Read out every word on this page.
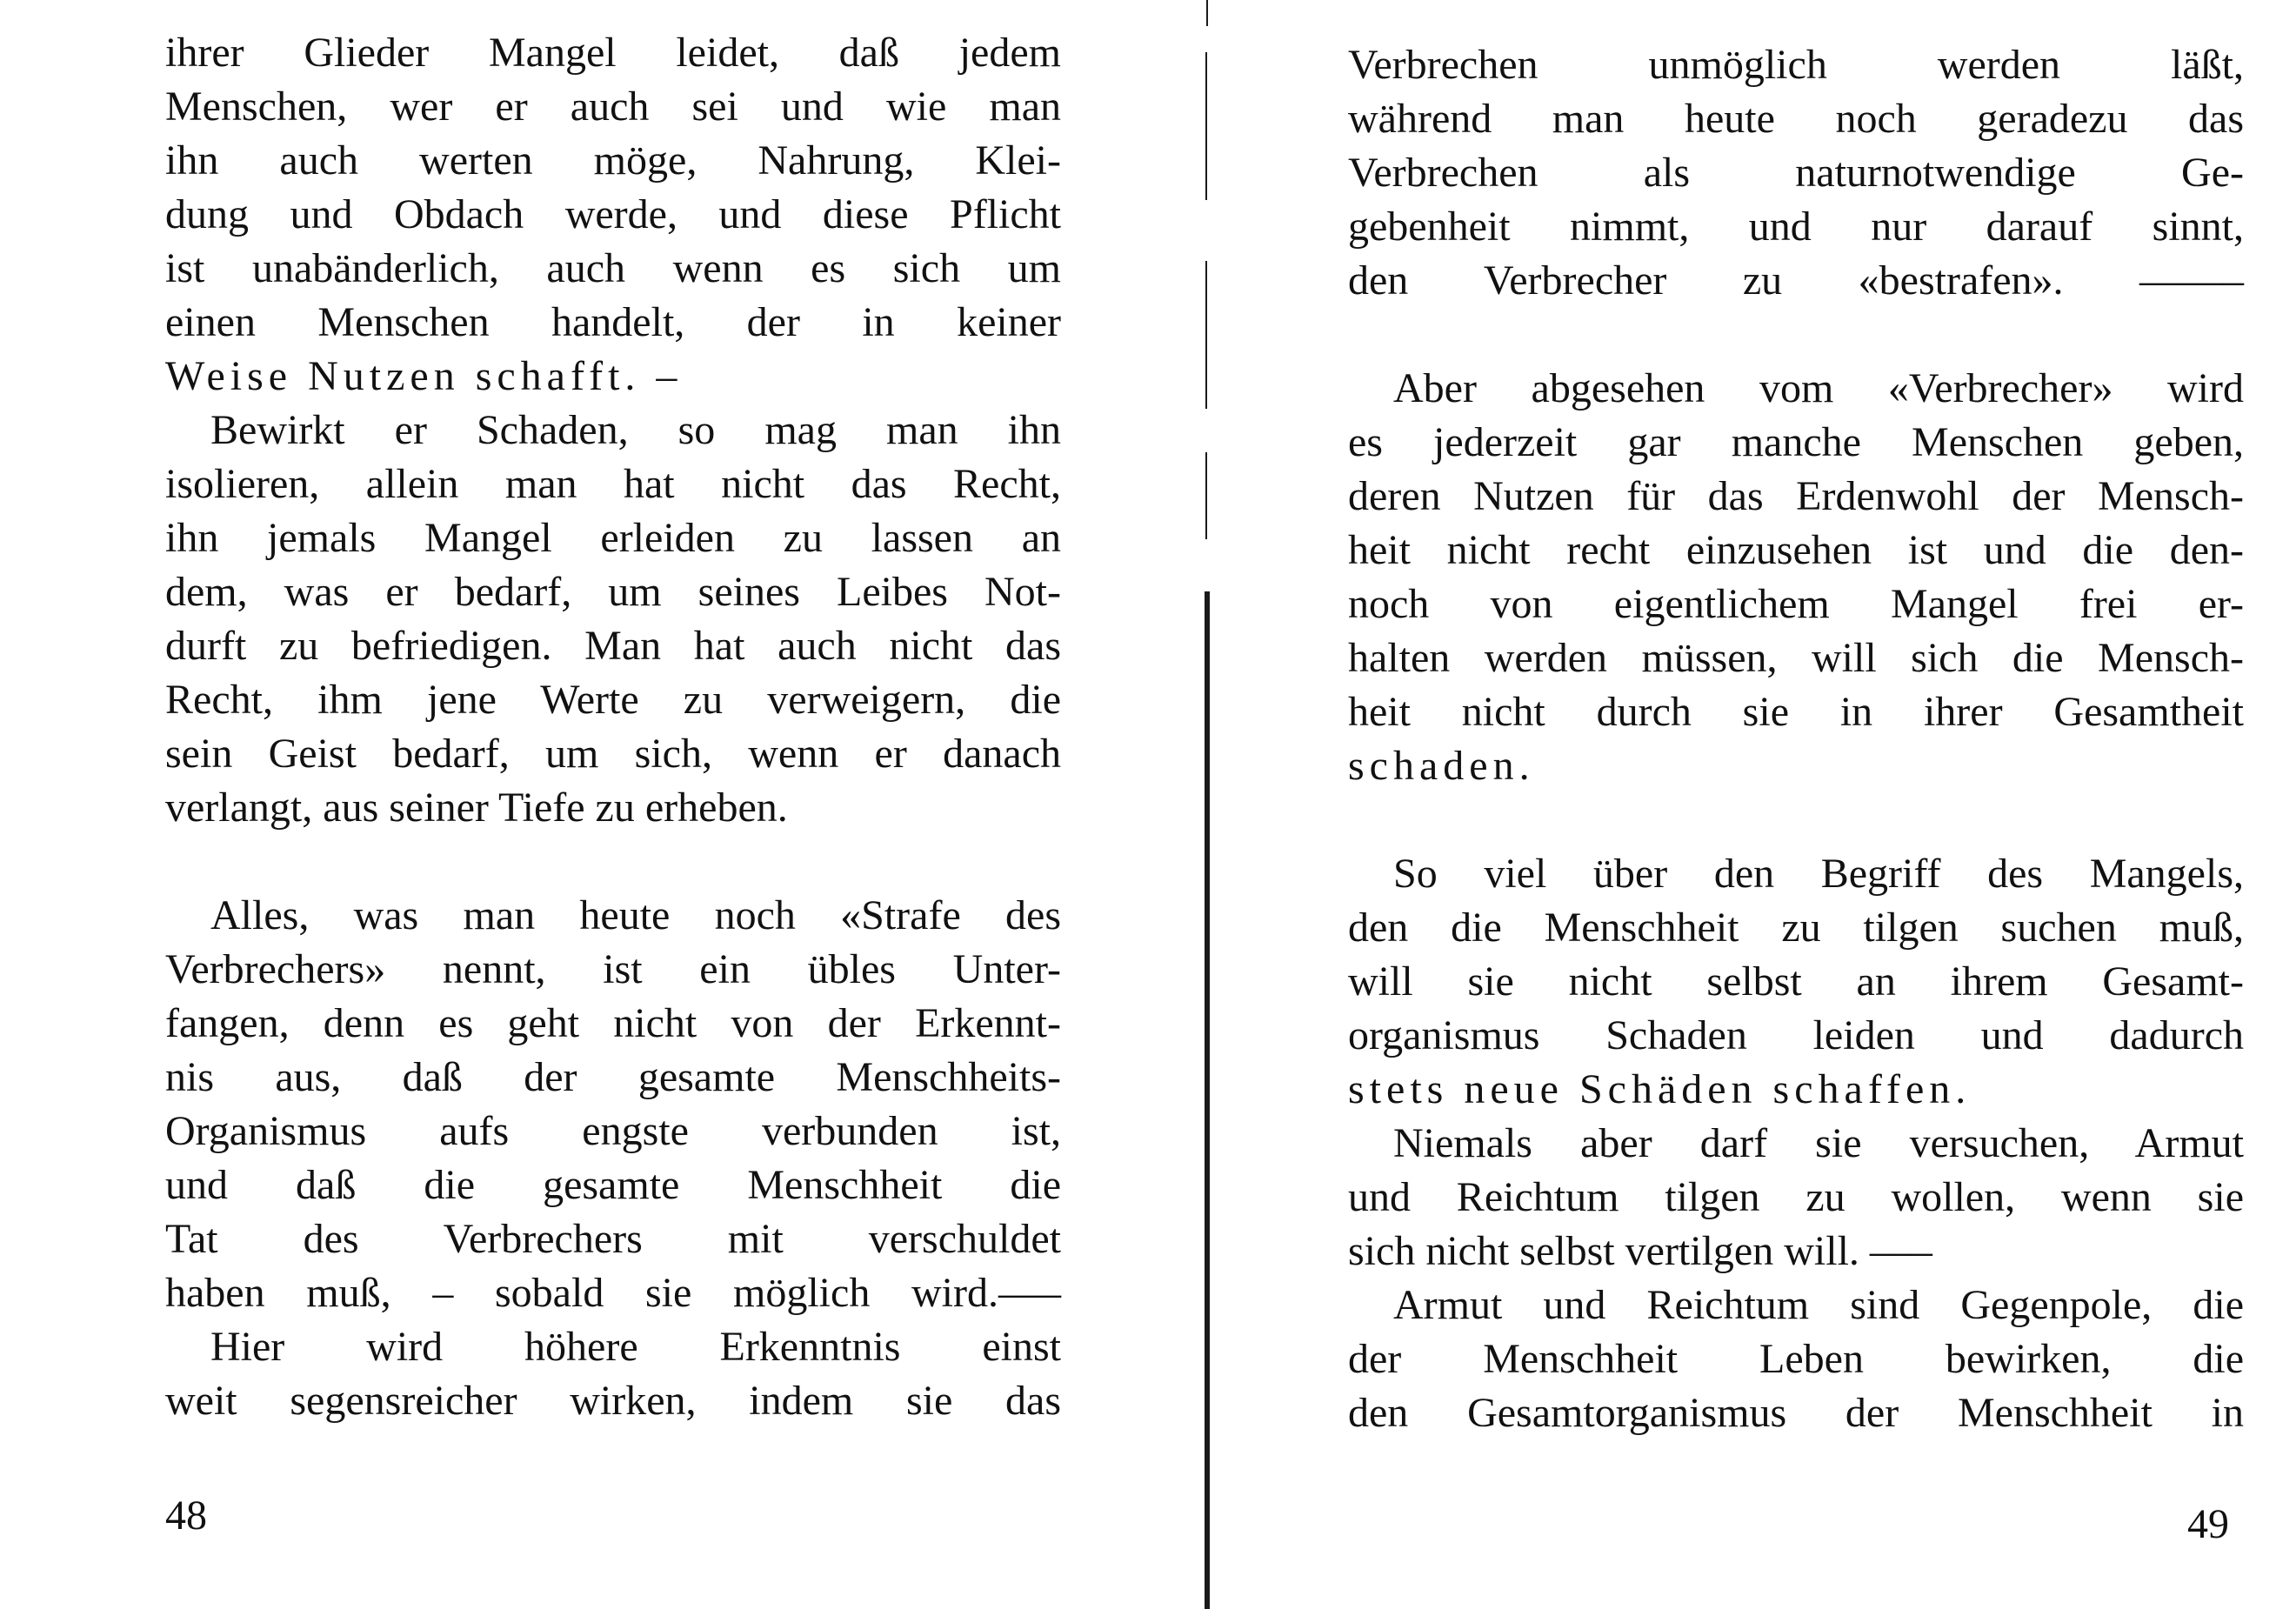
ihrer Glieder Mangel leidet, daß jedem
Menschen, wer er auch sei und wie man
ihn auch werten möge, Nahrung, Klei-
dung und Obdach werde, und diese Pflicht
ist unabänderlich, auch wenn es sich um
einen Menschen handelt, der in keiner
Weise Nutzen schafft. –
Bewirkt er Schaden, so mag man ihn
isolieren, allein man hat nicht das Recht,
ihn jemals Mangel erleiden zu lassen an
dem, was er bedarf, um seines Leibes Not-
durft zu befriedigen. Man hat auch nicht das
Recht, ihm jene Werte zu verweigern, die
sein Geist bedarf, um sich, wenn er danach
verlangt, aus seiner Tiefe zu erheben.
Alles, was man heute noch «Strafe des
Verbrechers» nennt, ist ein übles Unter-
fangen, denn es geht nicht von der Erkennt-
nis aus, daß der gesamte Menschheits-
Organismus aufs engste verbunden ist,
und daß die gesamte Menschheit die
Tat des Verbrechers mit verschuldet
haben muß, – sobald sie möglich wird.–––
Hier wird höhere Erkenntnis einst
weit segensreicher wirken, indem sie das
48
Verbrechen unmöglich werden läßt,
während man heute noch geradezu das
Verbrechen als naturnotwendige Ge-
gebenheit nimmt, und nur darauf sinnt,
den Verbrecher zu «bestrafen». –––––
Aber abgesehen vom «Verbrecher» wird
es jederzeit gar manche Menschen geben,
deren Nutzen für das Erdenwohl der Mensch-
heit nicht recht einzusehen ist und die den-
noch von eigentlichem Mangel frei er-
halten werden müssen, will sich die Mensch-
heit nicht durch sie in ihrer Gesamtheit
schaden.
So viel über den Begriff des Mangels,
den die Menschheit zu tilgen suchen muß,
will sie nicht selbst an ihrem Gesamt-
organismus Schaden leiden und dadurch
stets neue Schäden schaffen.
Niemals aber darf sie versuchen, Armut
und Reichtum tilgen zu wollen, wenn sie
sich nicht selbst vertilgen will. –––
Armut und Reichtum sind Gegenpole, die
der Menschheit Leben bewirken, die
den Gesamtorganismus der Menschheit in
49
